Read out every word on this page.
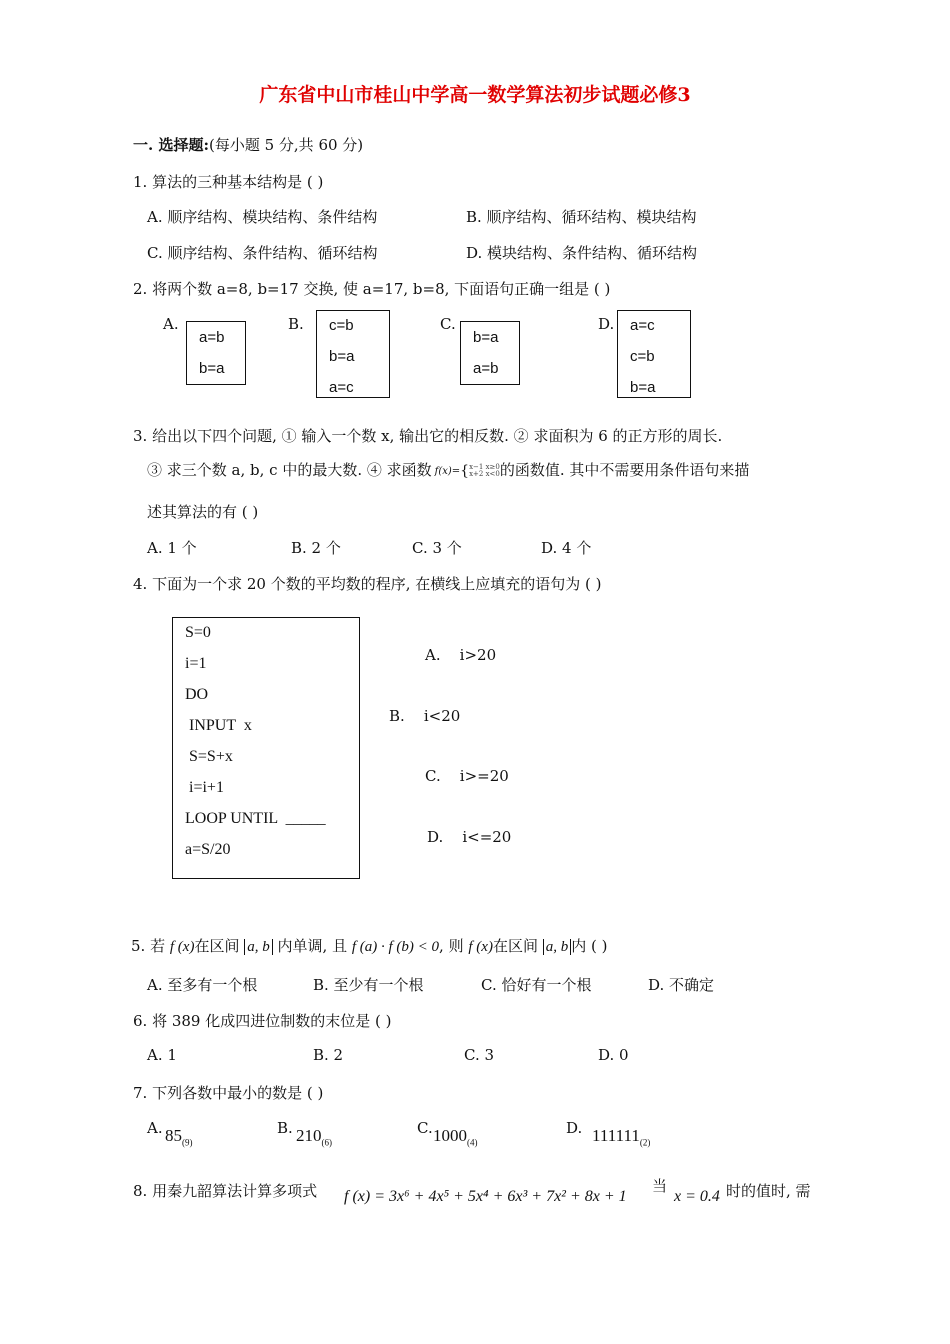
广东省中山市桂山中学高一数学算法初步试题必修3
一. 选择题:(每小题 5 分,共 60 分)
1. 算法的三种基本结构是 ( )
A. 顺序结构、模块结构、条件结构	B. 顺序结构、循环结构、模块结构
C. 顺序结构、条件结构、循环结构	D. 模块结构、条件结构、循环结构
2. 将两个数 a=8, b=17 交换, 使 a=17, b=8, 下面语句正确一组是 ( )
A.
a=b
b=a
B. c=b
b=a
a=c
C.
b=a
a=b
D. a=c
c=b
b=a
3. 给出以下四个问题, ① 输入一个数 x, 输出它的相反数. ② 求面积为 6 的正方形的周长.
③ 求三个数 a, b, c 中的最大数. ④ 求函数 f(x)={x−1 x≥0
x+2 x<0的函数值. 其中不需要用条件语句来描
述其算法的有 ( )
A. 1 个	B. 2 个	C. 3 个	D. 4 个
4. 下面为一个求 20 个数的平均数的程序, 在横线上应填充的语句为 ( )
S=0
i=1
DO
INPUT  x
S=S+x
i=i+1
LOOP UNTIL  _____
a=S/20
A.    i>20
B.    i<20
C.    i>=20
D.    i<=20
5. 若 f (x)在区间 a, b 内单调, 且 f (a) · f (b) < 0, 则 f (x)在区间 a, b 内 ( )
A. 至多有一个根	B. 至少有一个根	C. 恰好有一个根	D. 不确定
6. 将 389 化成四进位制数的末位是 ( )
A. 1	B. 2	C. 3	D. 0
7. 下列各数中最小的数是 ( )
A. $85_{(9)}$
B. $210_{(6)}$
C. $1000_{(4)}$
D. $111111_{(2)}$
8. 用秦九韶算法计算多项式 f (x) = 3x⁶ + 4x⁵ + 5x⁴ + 6x³ + 7x² + 8x + 1
当
x = 0.4 时的值时, 需
